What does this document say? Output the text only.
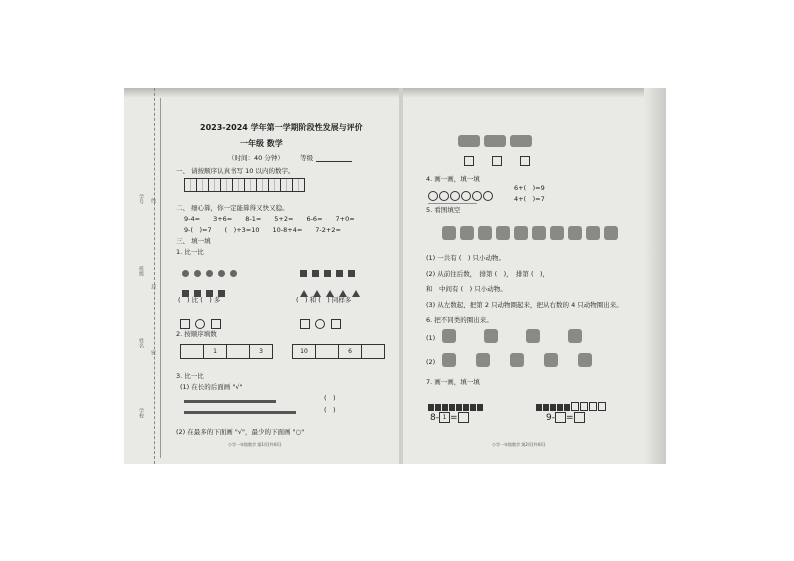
学号
班级
姓名
学校
线
封
密
2023-2024 学年第一学期阶段性发展与评价
一年级 数学
（时间：40 分钟）　　　等级
一、 请按顺序认真书写 10 以内的数字。
二、 细心算，你一定能算得又快又稳。
9-4=　　3+6=　　8-1=　　5+2=　　6-6=　　7+0=
9-(　)=7　　(　)+3=10　　10-8+4=　　7-2+2=
三、 填一填
1. 比一比
(　) 比 (　) 多	(　) 和 (　) 同样多

2. 按顺序填数
1	3	10	6
3. 比一比
(1) 在长的后面画 "√"
(　)
(　)
(2) 在最多的下面画 "√"，最少的下面画 "○"
小学一年级数学 第1页(共4页)
4. 画一画，填一填
_______________
6+(　)=9
4+(　)=7
5. 看图填空
(1) 一共有 (　) 只小动物。
(2) 从前往后数，　排第 (　)，　排第 (　)，
和　中间有 (　) 只小动物。
(3) 从左数起，把第 2 只动物圈起来，把从右数的 4 只动物圈出来。
6. 把不同类的圈出来。
(1)
(2)
7. 画一画，填一填
8- 1 =	9- =
小学一年级数学 第2页(共4页)
